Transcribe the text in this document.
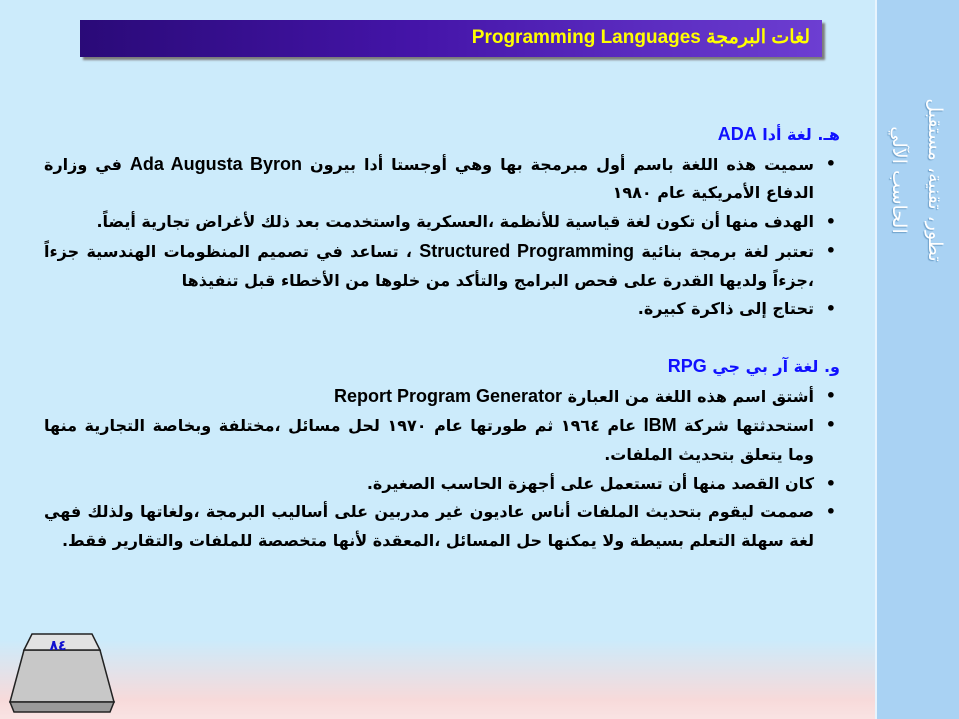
تطور، تقنية، مستقبل
الحاسب الآلي
لغات البرمجة Programming Languages
هـ. لغة أدا ADA
• سميت هذه اللغة باسم أول مبرمجة بها وهي أوجستا أدا بيرون Ada Augusta Byron في وزارة الدفاع الأمريكية عام ١٩٨٠
• الهدف منها أن تكون لغة قياسية للأنظمة ،العسكرية واستخدمت بعد ذلك لأغراض تجارية أيضاً.
• تعتبر لغة برمجة بنائية Structured Programming ، تساعد في تصميم المنظومات الهندسية جزءاً ،جزءاً ولديها القدرة على فحص البرامج والتأكد من خلوها من الأخطاء قبل تنفيذها
• تحتاج إلى ذاكرة كبيرة.
و. لغة آر بي جي RPG
• أشتق اسم هذه اللغة من العبارة Report Program Generator
• استحدثتها شركة IBM عام ١٩٦٤ ثم طورتها عام ١٩٧٠ لحل مسائل ،مختلفة وبخاصة التجارية منها وما يتعلق بتحديث الملفات.
• كان القصد منها أن تستعمل على أجهزة الحاسب الصغيرة.
• صممت ليقوم بتحديث الملفات أناس عاديون غير مدربين على أساليب البرمجة ،ولغاتها ولذلك فهي لغة سهلة التعلم بسيطة ولا يمكنها حل المسائل ،المعقدة لأنها متخصصة للملفات والتقارير فقط.
٨٤
